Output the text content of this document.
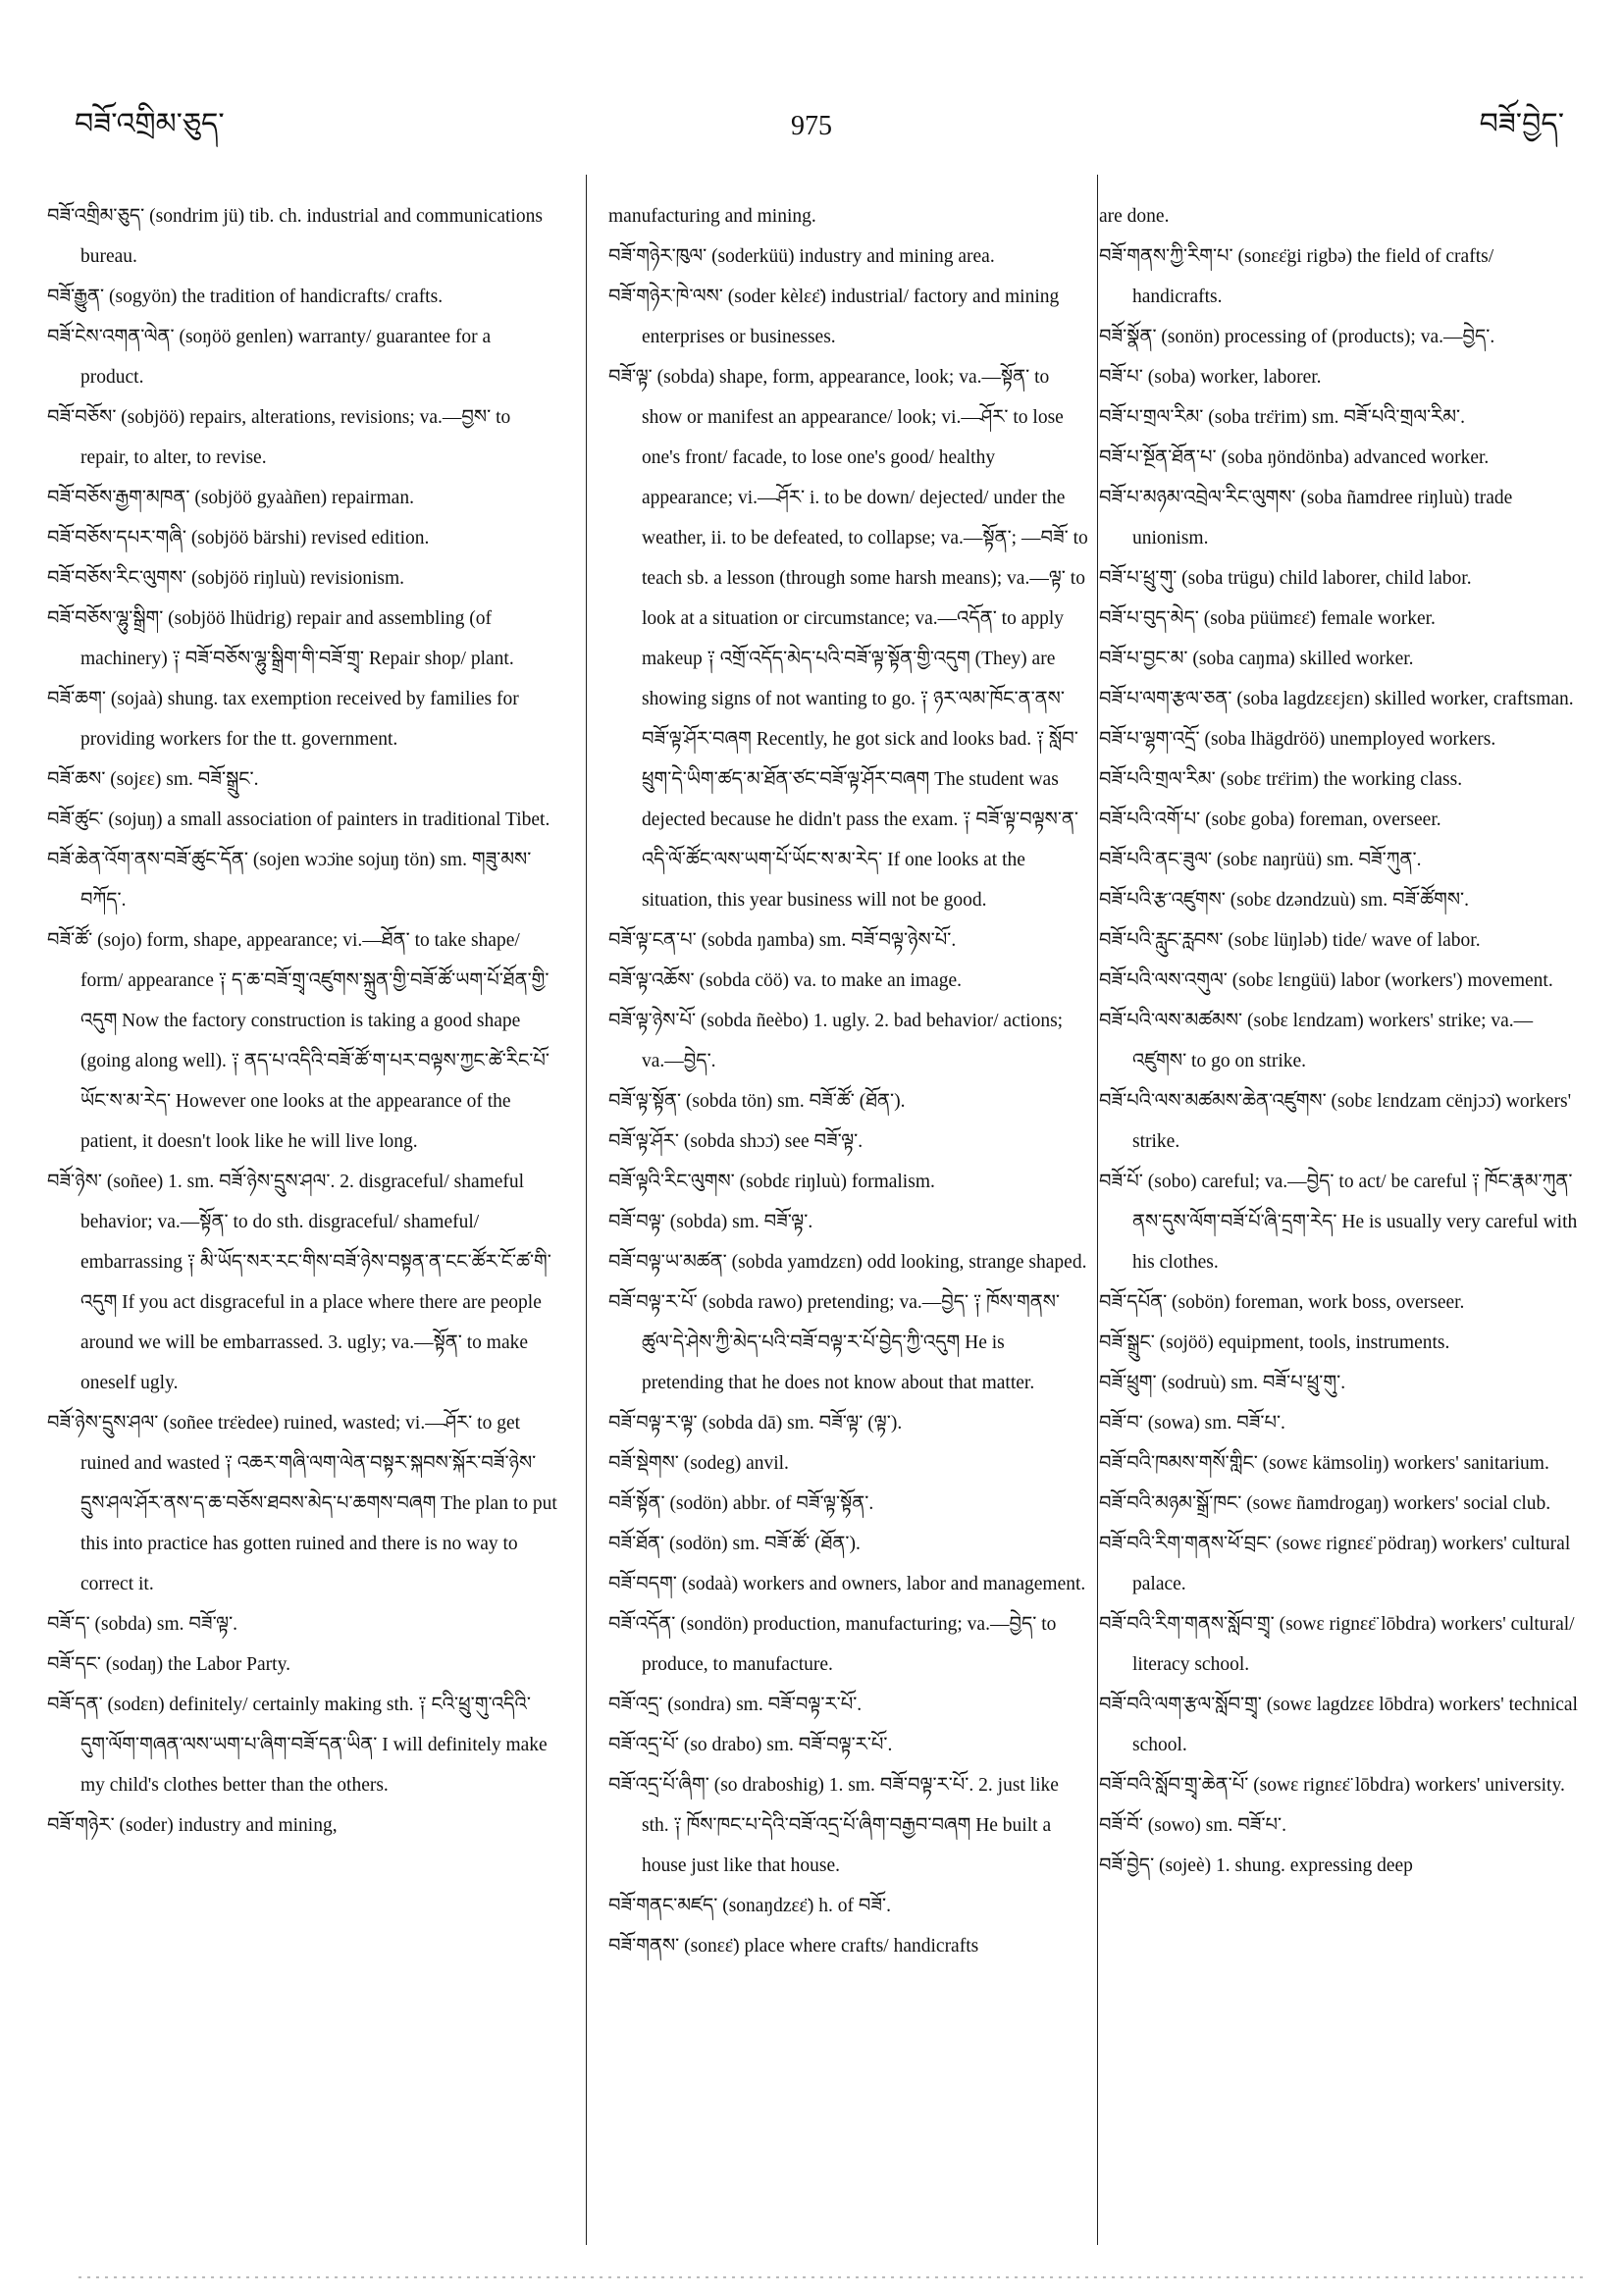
བཟོ་འགྲིམ་ཅུད་	975	བཟོ་བྱེད་

བཟོ་འགྲིམ་ཅུད་ (sondrim jü) tib. ch. industrial and communications bureau.

བཟོ་རྒྱུན་ (sogyön) the tradition of handicrafts/ crafts.

བཟོ་ངེས་འགན་ལེན་ (soŋöö genlen) warranty/ guarantee for a product.

བཟོ་བཅོས་ (sobjöö) repairs, alterations, revisions; va.—བྱས་ to repair, to alter, to revise.

བཟོ་བཅོས་རྒྱག་མཁན་ (sobjöö gyaàñen) repairman.

བཟོ་བཅོས་དཔར་གཞི་ (sobjöö bärshi) revised edition.

བཟོ་བཅོས་རིང་ལུགས་ (sobjöö riŋluù) revisionism.

བཟོ་བཅོས་ལྷུ་སྒྲིག་ (sobjöö lhüdrig) repair and assembling (of machinery) ༑ བཟོ་བཅོས་ལྷུ་སྒྲིག་གི་བཟོ་གྲྭ་ Repair shop/ plant.

བཟོ་ཆག་ (sojaà) shung. tax exemption received by families for providing workers for the tt. government.

བཟོ་ཆས་ (sojɛɛ) sm. བཟོ་སྒྲུང་.

བཟོ་ཚུང་ (sojuŋ) a small association of painters in traditional Tibet.

བཟོ་ཆེན་འོག་ནས་བཟོ་ཚུང་དོན་ (sojen wɔɔ̈ne sojuŋ tön) sm. གཟུ་མས་བཀོད་.

བཟོ་ཚོ་ (sojo) form, shape, appearance; vi.—ཐོན་ to take shape/ form/ appearance ༑ ད་ཆ་བཟོ་གྲྭ་འཛུགས་སྐྲུན་གྱི་བཟོ་ཚོ་ཡག་པོ་ཐོན་གྱི་འདུག Now the factory construction is taking a good shape (going along well). ༑ ནད་པ་འདིའི་བཟོ་ཚོ་ག་པར་བལྟས་ཀྱང་ཚེ་རིང་པོ་ཡོང་ས་མ་རེད་ However one looks at the appearance of the patient, it doesn't look like he will live long.

བཟོ་ཉེས་ (soñee) 1. sm. བཟོ་ཉེས་དྲུས་ཤལ་. 2. disgraceful/ shameful behavior; va.—སྟོན་ to do sth. disgraceful/ shameful/ embarrassing ༑ མི་ཡོད་སར་རང་གིས་བཟོ་ཉེས་བསྟན་ན་ངང་ཚོར་ངོ་ཚ་གི་འདུག If you act disgraceful in a place where there are people around we will be embarrassed. 3. ugly; va.—སྟོན་ to make oneself ugly.

བཟོ་ཉེས་དྲུས་ཤལ་ (soñee trɛ̈edee) ruined, wasted; vi.—ཤོར་ to get ruined and wasted ༑ འཆར་གཞི་ལག་ལེན་བསྟར་སྐབས་སྐོར་བཟོ་ཉེས་དྲུས་ཤལ་ཤོར་ནས་ད་ཆ་བཅོས་ཐབས་མེད་པ་ཆགས་བཞག The plan to put this into practice has gotten ruined and there is no way to correct it.

བཟོ་ད་ (sobda) sm. བཟོ་ལྟ་.

བཟོ་དང་ (sodaŋ) the Labor Party.

བཟོ་དན་ (sodɛn) definitely/ certainly making sth. ༑ ངའི་ཕྲུ་གུ་འདིའི་དུག་ལོག་གཞན་ལས་ཡག་པ་ཞིག་བཟོ་དན་ཡིན་ I will definitely make my child's clothes better than the others.

བཟོ་གཉེར་ (soder) industry and mining,

manufacturing and mining.

བཟོ་གཉེར་ཁུལ་ (soderküü) industry and mining area.

བཟོ་གཉེར་ཁེ་ལས་ (soder kèlɛɛ̈) industrial/ factory and mining enterprises or businesses.

བཟོ་ལྟ་ (sobda) shape, form, appearance, look; va.—སྟོན་ to show or manifest an appearance/ look; vi.—ཤོར་ to lose one's front/ facade, to lose one's good/ healthy appearance; vi.—ཤོར་ i. to be down/ dejected/ under the weather, ii. to be defeated, to collapse; va.—སྟོན་; —བཟོ་ to teach sb. a lesson (through some harsh means); va.—ལྟ་ to look at a situation or circumstance; va.—འདོན་ to apply makeup ༑ འགྲོ་འདོད་མེད་པའི་བཟོ་ལྟ་སྟོན་གྱི་འདུག (They) are showing signs of not wanting to go. ༑ ཉར་ལམ་ཁོང་ན་ནས་བཟོ་ལྟ་ཤོར་བཞག Recently, he got sick and looks bad. ༑ སློབ་ཕྲུག་དེ་ཡིག་ཚད་མ་ཐོན་ཙང་བཟོ་ལྟ་ཤོར་བཞག The student was dejected because he didn't pass the exam. ༑ བཟོ་ལྟ་བལྟས་ན་འདི་ལོ་ཚོང་ལས་ཡག་པོ་ཡོང་ས་མ་རེད་ If one looks at the situation, this year business will not be good.

བཟོ་ལྟ་ངན་པ་ (sobda ŋamba) sm. བཟོ་བལྟ་ཉེས་པོ་.

བཟོ་ལྟ་འཆོས་ (sobda cöö) va. to make an image.

བཟོ་ལྟ་ཉེས་པོ་ (sobda ñeèbo) 1. ugly. 2. bad behavior/ actions; va.—བྱེད་.

བཟོ་ལྟ་སྟོན་ (sobda tön) sm. བཟོ་ཚོ་ (ཐོན་).

བཟོ་ལྟ་ཤོར་ (sobda shɔɔ̈) see བཟོ་ལྟ་.

བཟོ་ལྟའི་རིང་ལུགས་ (sobdɛ riŋluù) formalism.

བཟོ་བལྟ་ (sobda) sm. བཟོ་ལྟ་.

བཟོ་བལྟ་ཡ་མཚན་ (sobda yamdzɛn) odd looking, strange shaped.

བཟོ་བལྟ་ར་པོ་ (sobda rawo) pretending; va.—བྱེད་ ༑ ཁོས་གནས་ཚུལ་དེ་ཤེས་ཀྱི་མེད་པའི་བཟོ་བལྟ་ར་པོ་བྱེད་ཀྱི་འདུག He is pretending that he does not know about that matter.

བཟོ་བལྟ་ར་ལྟ་ (sobda dā) sm. བཟོ་ལྟ་ (ལྟ་).

བཟོ་སྡེགས་ (sodeg) anvil.

བཟོ་སྟོན་ (sodön) abbr. of བཟོ་ལྟ་སྟོན་.

བཟོ་ཐོན་ (sodön) sm. བཟོ་ཚོ་ (ཐོན་).

བཟོ་བདག་ (sodaà) workers and owners, labor and management.

བཟོ་འདོན་ (sondön) production, manufacturing; va.—བྱེད་ to produce, to manufacture.

བཟོ་འདྲ་ (sondra) sm. བཟོ་བལྟ་ར་པོ་.

བཟོ་འདྲ་པོ་ (so drabo) sm. བཟོ་བལྟ་ར་པོ་.

བཟོ་འདྲ་པོ་ཞིག་ (so draboshig) 1. sm. བཟོ་བལྟ་ར་པོ་. 2. just like sth. ༑ ཁོས་ཁང་པ་དེའི་བཟོ་འདྲ་པོ་ཞིག་བརྒྱབ་བཞག He built a house just like that house.

བཟོ་གནང་མཛད་ (sonaŋdzɛɛ̈) h. of བཟོ་.

བཟོ་གནས་ (sonɛɛ̈) place where crafts/ handicrafts

are done.

བཟོ་གནས་ཀྱི་རིག་པ་ (sonɛɛ̈gi rigbə) the field of crafts/ handicrafts.

བཟོ་སྣོན་ (sonön) processing of (products); va.—བྱེད་.

བཟོ་པ་ (soba) worker, laborer.

བཟོ་པ་གྲལ་རིམ་ (soba trɛ̈rim) sm. བཟོ་པའི་གྲལ་རིམ་.

བཟོ་པ་སྔོན་ཐོན་པ་ (soba ŋöndönba) advanced worker.

བཟོ་པ་མཉམ་འབྲེལ་རིང་ལུགས་ (soba ñamdree riŋluù) trade unionism.

བཟོ་པ་ཕྲུ་གུ་ (soba trügu) child laborer, child labor.

བཟོ་པ་བུད་མེད་ (soba püümɛɛ̈) female worker.

བཟོ་པ་བྱང་མ་ (soba caŋma) skilled worker.

བཟོ་པ་ལག་རྩལ་ཅན་ (soba lagdzɛɛjɛn) skilled worker, craftsman.

བཟོ་པ་ལྷག་འདྲོ་ (soba lhägdröö) unemployed workers.

བཟོ་པའི་གྲལ་རིམ་ (sobɛ trɛ̈rim) the working class.

བཟོ་པའི་འགོ་པ་ (sobɛ goba) foreman, overseer.

བཟོ་པའི་ནང་ཟུལ་ (sobɛ naŋrüü) sm. བཟོ་ཀུན་.

བཟོ་པའི་རྩ་འཛུགས་ (sobɛ dzəndzuù) sm. བཟོ་ཚོགས་.

བཟོ་པའི་རླུང་རླབས་ (sobɛ lüŋləb) tide/ wave of labor.

བཟོ་པའི་ལས་འགུལ་ (sobɛ lɛngüü) labor (workers') movement.

བཟོ་པའི་ལས་མཚམས་ (sobɛ lɛndzam) workers' strike; va.—འཛུགས་ to go on strike.

བཟོ་པའི་ལས་མཚམས་ཆེན་འཛུགས་ (sobɛ lɛndzam cënjɔɔ̈) workers' strike.

བཟོ་པོ་ (sobo) careful; va.—བྱེད་ to act/ be careful ༑ ཁོང་རྣམ་ཀུན་ནས་དུས་ལོག་བཟོ་པོ་ཞི་དྲག་རེད་ He is usually very careful with his clothes.

བཟོ་དཔོན་ (sobön) foreman, work boss, overseer.

བཟོ་སྒྲུང་ (sojöö) equipment, tools, instruments.

བཟོ་ཕྲུག་ (sodruù) sm. བཟོ་པ་ཕྲུ་གུ་.

བཟོ་བ་ (sowa) sm. བཟོ་པ་.

བཟོ་བའི་ཁམས་གསོ་གླིང་ (sowɛ kämsoliŋ) workers' sanitarium.

བཟོ་བའི་མཉམ་སྒྲོ་ཁང་ (sowɛ ñamdrogaŋ) workers' social club.

བཟོ་བའི་རིག་གནས་ཕོ་བྲང་ (sowɛ rignɛɛ̈ pödraŋ) workers' cultural palace.

བཟོ་བའི་རིག་གནས་སློབ་གྲྭ་ (sowɛ rignɛɛ̈ lōbdra) workers' cultural/ literacy school.

བཟོ་བའི་ལག་རྩལ་སློབ་གྲྭ་ (sowɛ lagdzɛɛ lōbdra) workers' technical school.

བཟོ་བའི་སློབ་གྲྭ་ཆེན་པོ་ (sowɛ rignɛɛ̈ lōbdra) workers' university.

བཟོ་བོ་ (sowo) sm. བཟོ་པ་.

བཟོ་བྱེད་ (sojeè) 1. shung. expressing deep
